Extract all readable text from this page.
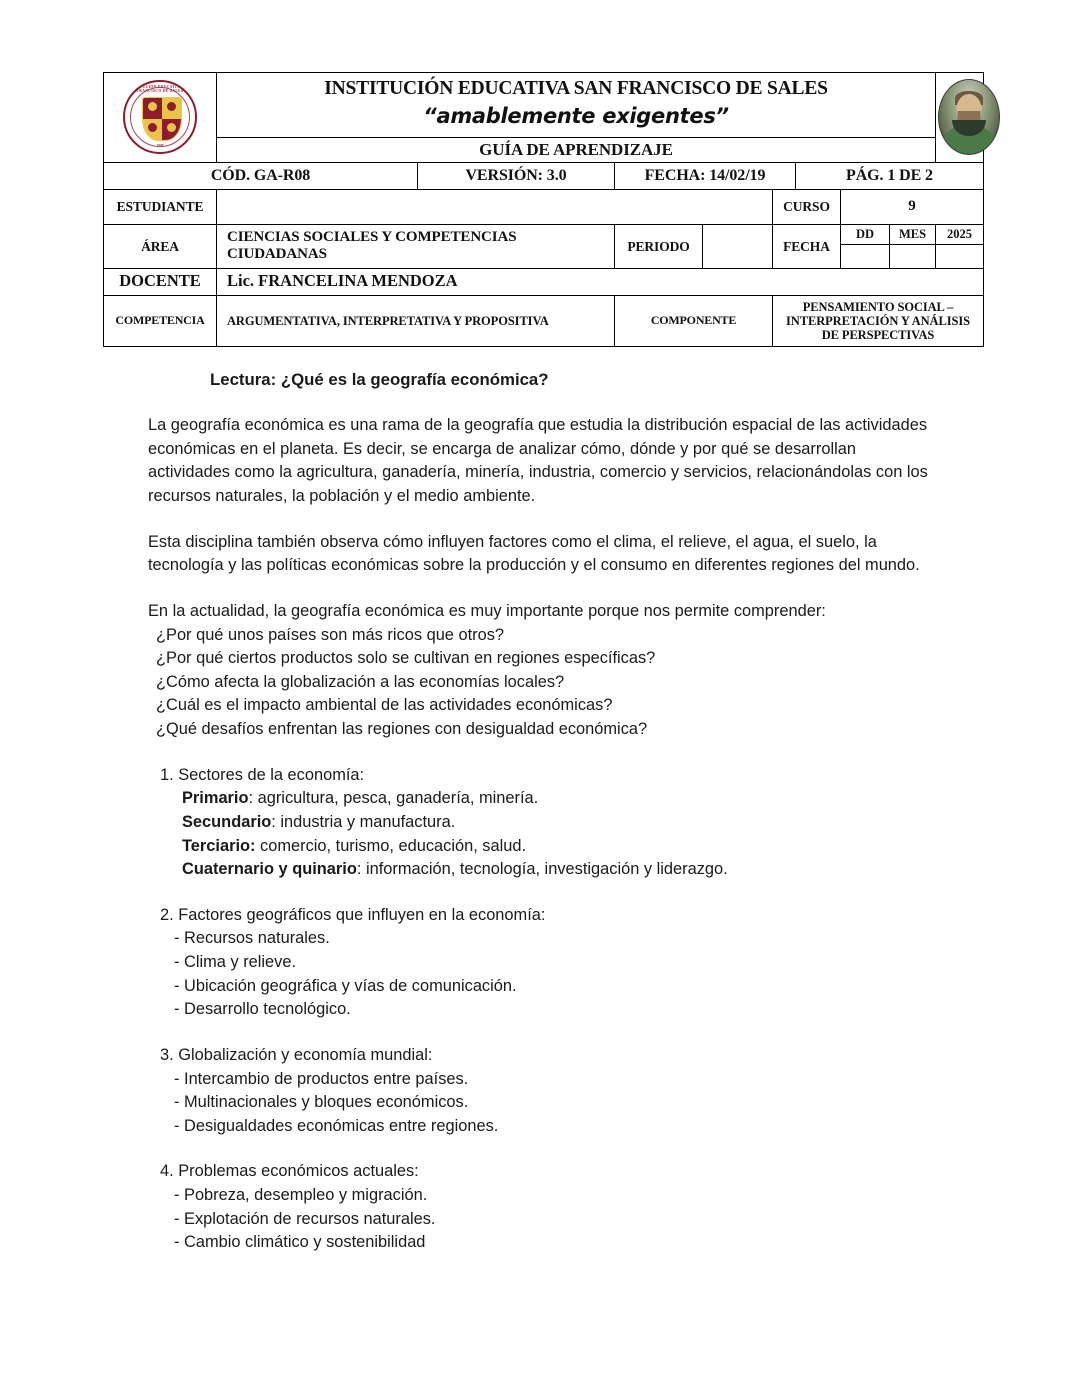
INSTITUCIÓN EDUCATIVA SAN FRANCISCO DE SALES
1908

INSTITUCIÓN EDUCATIVA SAN FRANCISCO DE SALES
“amablemente exigentes”

	GUÍA DE APRENDIZAJE								
CÓD. GA-R08		VERSIÓN: 3.0	FECHA: 14/02/19			PÁG. 1 DE 2			
ESTUDIANTE					CURSO		9		
ÁREA	CIENCIAS SOCIALES Y COMPETENCIAS CIUDADANAS		PERIODO		FECHA		DD	MES	2025

DOCENTE	Lic. FRANCELINA MENDOZA								
COMPETENCIA	ARGUMENTATIVA, INTERPRETATIVA Y PROPOSITIVA		COMPONENTE		PENSAMIENTO SOCIAL – INTERPRETACIÓN Y ANÁLISIS DE PERSPECTIVAS				
Lectura: ¿Qué es la geografía económica?

La geografía económica es una rama de la geografía que estudia la distribución espacial de las actividades económicas en el planeta. Es decir, se encarga de analizar cómo, dónde y por qué se desarrollan actividades como la agricultura, ganadería, minería, industria, comercio y servicios, relacionándolas con los recursos naturales, la población y el medio ambiente.

Esta disciplina también observa cómo influyen factores como el clima, el relieve, el agua, el suelo, la tecnología y las políticas económicas sobre la producción y el consumo en diferentes regiones del mundo.

En la actualidad, la geografía económica es muy importante porque nos permite comprender:
¿Por qué unos países son más ricos que otros?
¿Por qué ciertos productos solo se cultivan en regiones específicas?
¿Cómo afecta la globalización a las economías locales?
¿Cuál es el impacto ambiental de las actividades económicas?
¿Qué desafíos enfrentan las regiones con desigualdad económica?
1. Sectores de la economía:
Primario: agricultura, pesca, ganadería, minería.
Secundario: industria y manufactura.
Terciario: comercio, turismo, educación, salud.
Cuaternario y quinario: información, tecnología, investigación y liderazgo.
2. Factores geográficos que influyen en la economía:
- Recursos naturales.
- Clima y relieve.
- Ubicación geográfica y vías de comunicación.
- Desarrollo tecnológico.
3. Globalización y economía mundial:
- Intercambio de productos entre países.
- Multinacionales y bloques económicos.
- Desigualdades económicas entre regiones.
4. Problemas económicos actuales:
- Pobreza, desempleo y migración.
- Explotación de recursos naturales.
- Cambio climático y sostenibilidad
